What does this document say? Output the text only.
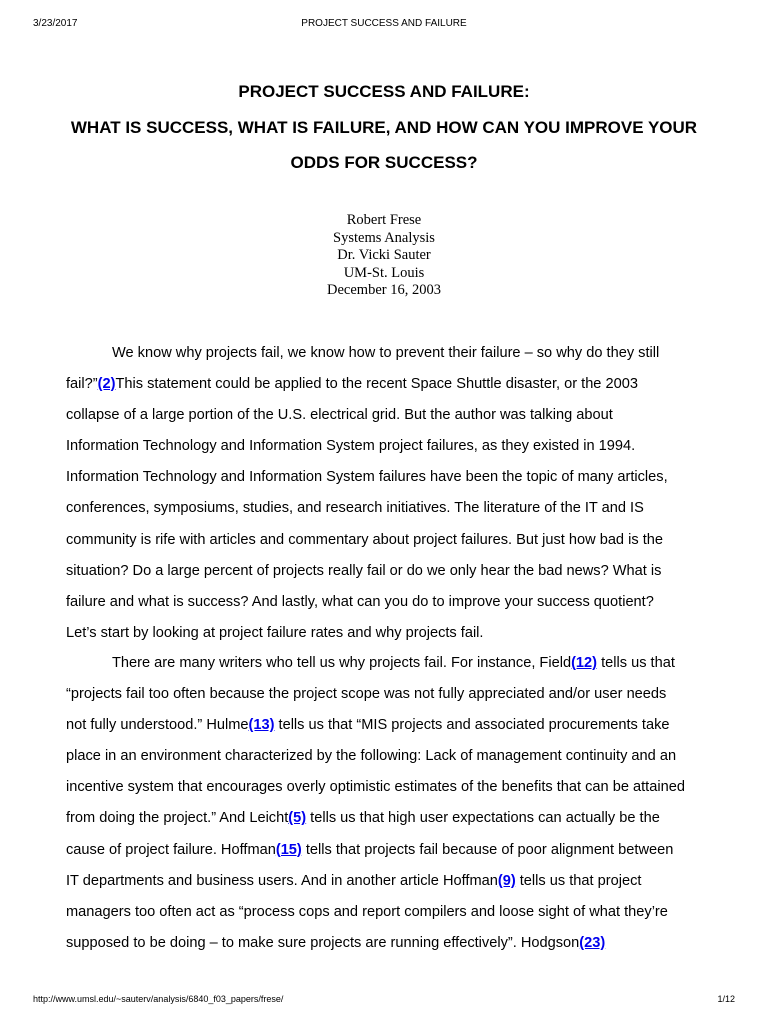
3/23/2017	PROJECT SUCCESS AND FAILURE
PROJECT SUCCESS AND FAILURE:
WHAT IS SUCCESS, WHAT IS FAILURE, AND HOW CAN YOU IMPROVE YOUR
ODDS FOR SUCCESS?
Robert Frese
Systems Analysis
Dr. Vicki Sauter
UM-St. Louis
December 16, 2003

We know why projects fail, we know how to prevent their failure – so why do they still
fail?”(2)This statement could be applied to the recent Space Shuttle disaster, or the 2003
collapse of a large portion of the U.S. electrical grid. But the author was talking about
Information Technology and Information System project failures, as they existed in 1994.
Information Technology and Information System failures have been the topic of many articles,
conferences, symposiums, studies, and research initiatives. The literature of the IT and IS
community is rife with articles and commentary about project failures. But just how bad is the
situation? Do a large percent of projects really fail or do we only hear the bad news? What is
failure and what is success? And lastly, what can you do to improve your success quotient?
Let’s start by looking at project failure rates and why projects fail.

There are many writers who tell us why projects fail. For instance, Field(12) tells us that
“projects fail too often because the project scope was not fully appreciated and/or user needs
not fully understood.” Hulme(13) tells us that “MIS projects and associated procurements take
place in an environment characterized by the following: Lack of management continuity and an
incentive system that encourages overly optimistic estimates of the benefits that can be attained
from doing the project.” And Leicht(5) tells us that high user expectations can actually be the
cause of project failure. Hoffman(15) tells that projects fail because of poor alignment between
IT departments and business users. And in another article Hoffman(9) tells us that project
managers too often act as “process cops and report compilers and loose sight of what they’re
supposed to be doing – to make sure projects are running effectively”. Hodgson(23)

http://www.umsl.edu/~sauterv/analysis/6840_f03_papers/frese/	1/12
